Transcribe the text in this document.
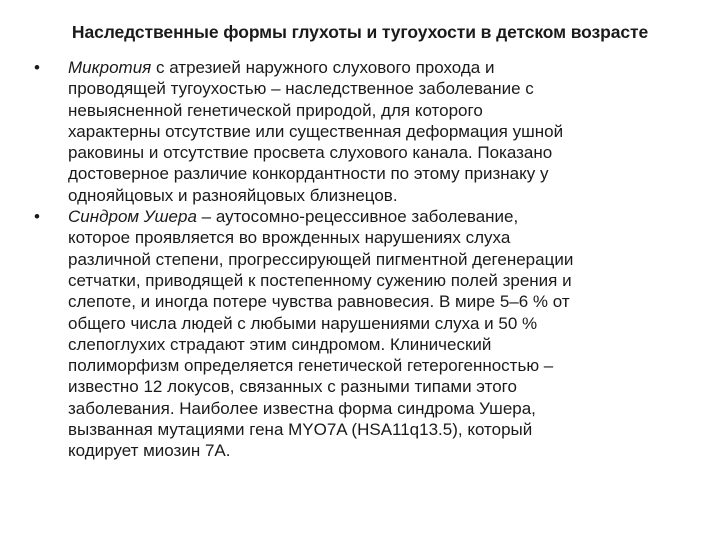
Наследственные формы глухоты и тугоухости в детском возрасте
•	Микротия с атрезией наружного слухового прохода и
проводящей тугоухостью – наследственное заболевание с
невыясненной генетической природой, для которого
характерны отсутствие или существенная деформация ушной
раковины и отсутствие просвета слухового канала. Показано
достоверное различие конкордантности по этому признаку у
однояйцовых и разнояйцовых близнецов.
•	Синдром Ушера – аутосомно-рецессивное заболевание,
которое проявляется во врожденных нарушениях слуха
различной степени, прогрессирующей пигментной дегенерации
сетчатки, приводящей к постепенному сужению полей зрения и
слепоте, и иногда потере чувства равновесия. В мире 5–6 % от
общего числа людей с любыми нарушениями слуха и 50 %
слепоглухих страдают этим синдромом. Клинический
полиморфизм определяется генетической гетерогенностью –
известно 12 локусов, связанных с разными типами этого
заболевания. Наиболее известна форма синдрома Ушера,
вызванная мутациями гена MYO7A (HSA11q13.5), который
кодирует миозин 7A.
